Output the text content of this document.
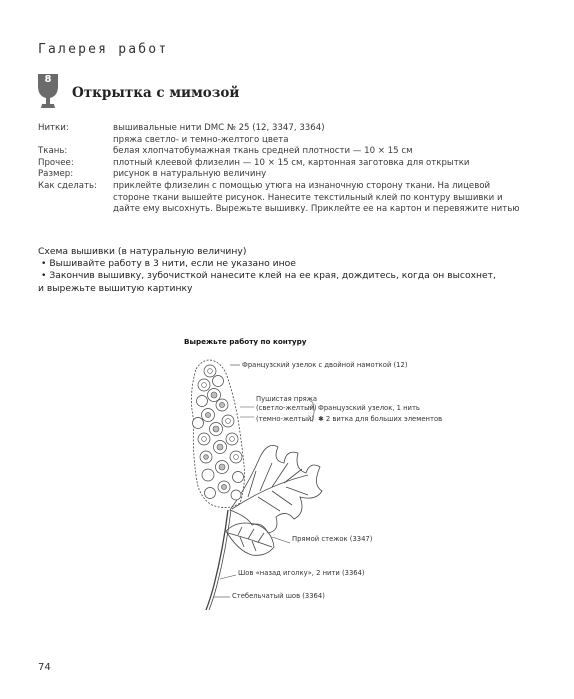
Галерея работ
8
Открытка с мимозой
Нитки:	вышивальные нити DMC № 25 (12, 3347, 3364)
пряжа светло- и темно-желтого цвета
Ткань:	белая хлопчатобумажная ткань средней плотности — 10 × 15 см
Прочее:	плотный клеевой флизелин — 10 × 15 см, картонная заготовка для открытки
Размер:	рисунок в натуральную величину
Как сделать:	приклейте флизелин с помощью утюга на изнаночную сторону ткани. На лицевой стороне ткани вышейте рисунок. Нанесите текстильный клей по контуру вышивки и дайте ему высохнуть. Вырежьте вышивку. Приклейте ее на картон и перевяжите нитью
Схема вышивки (в натуральную величину)
• Вышивайте работу в 3 нити, если не указано иное
• Закончив вышивку, зубочисткой нанесите клей на ее края, дождитесь, когда он высохнет,
и вырежьте вышитую картинку
Вырежьте работу по контуру
Французский узелок с двойной намоткой (12)
Пушистая пряжа
(светло-желтый)
(темно-желтый)
Французский узелок, 1 нить
✱ 2 витка для больших элементов
Прямой стежок (3347)
Шов «назад иголку», 2 нити (3364)
Стебельчатый шов (3364)
74
